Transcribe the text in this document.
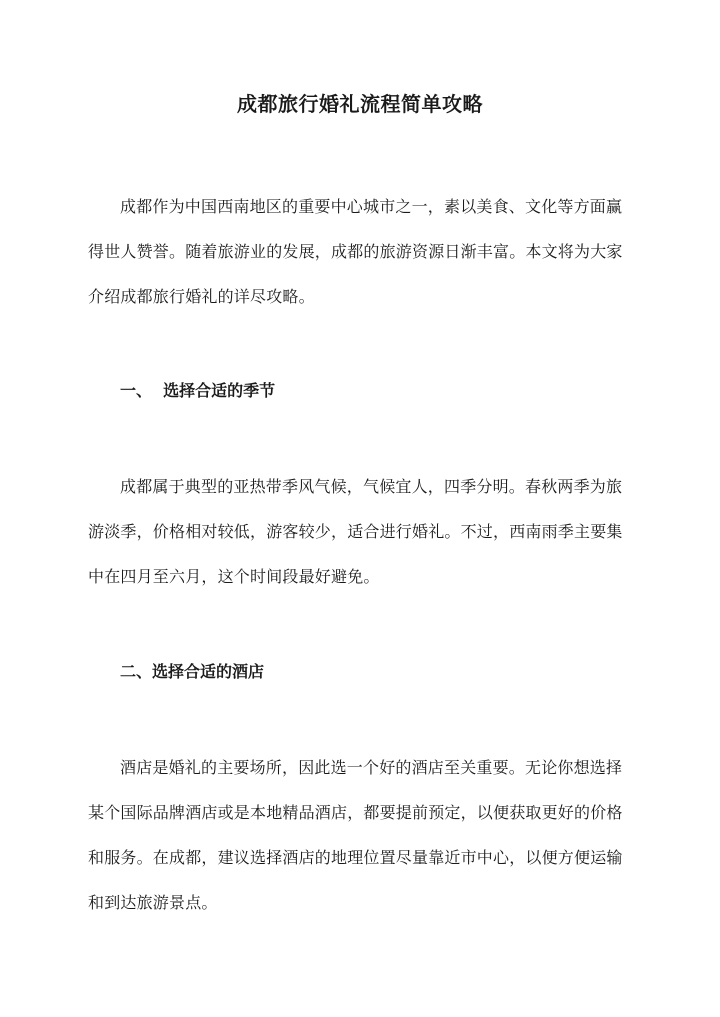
成都旅行婚礼流程简单攻略

成都作为中国西南地区的重要中心城市之一，素以美食、文化等方面赢得世人赞誉。随着旅游业的发展，成都的旅游资源日渐丰富。本文将为大家介绍成都旅行婚礼的详尽攻略。

一、  选择合适的季节

成都属于典型的亚热带季风气候，气候宜人，四季分明。春秋两季为旅游淡季，价格相对较低，游客较少，适合进行婚礼。不过，西南雨季主要集中在四月至六月，这个时间段最好避免。

二、选择合适的酒店

酒店是婚礼的主要场所，因此选一个好的酒店至关重要。无论你想选择某个国际品牌酒店或是本地精品酒店，都要提前预定，以便获取更好的价格和服务。在成都，建议选择酒店的地理位置尽量靠近市中心，以便方便运输和到达旅游景点。
